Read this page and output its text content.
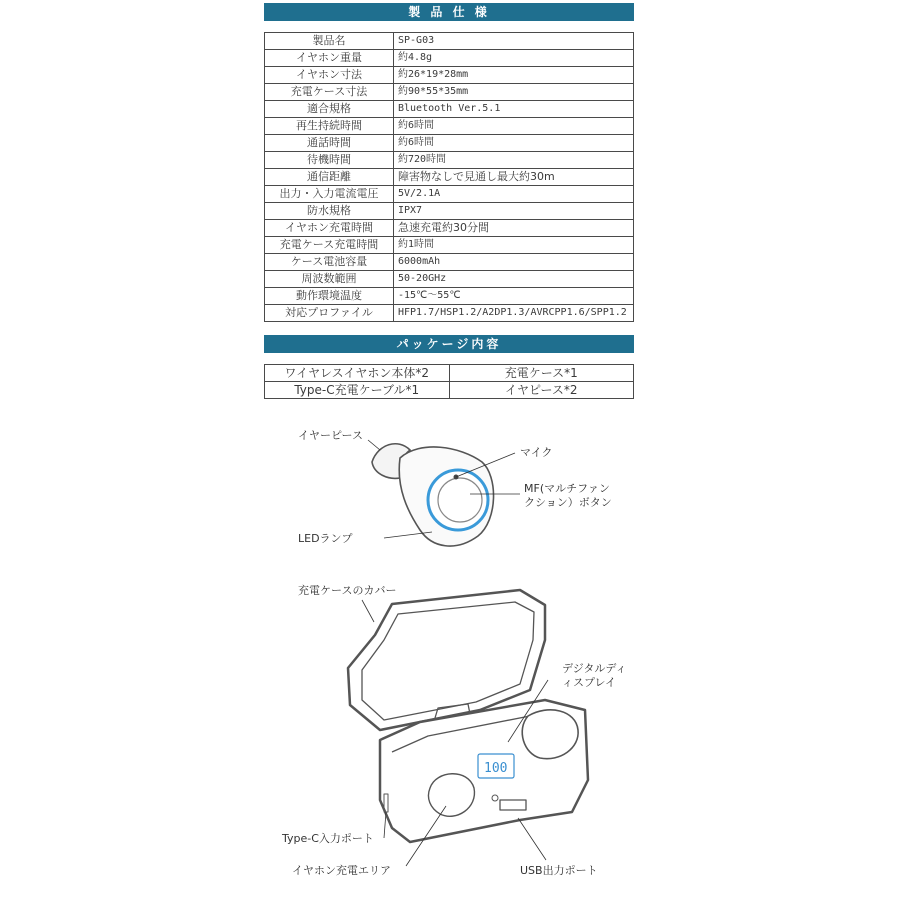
製 品 仕 様
製品名	SP-G03
イヤホン重量	約4.8g
イヤホン寸法	約26*19*28mm
充電ケース寸法	約90*55*35mm
適合規格	Bluetooth Ver.5.1
再生持続時間	約6時間
通話時間	約6時間
待機時間	約720時間
通信距離	障害物なしで見通し最大約30m
出力・入力電流電圧	5V/2.1A
防水規格	IPX7
イヤホン充電時間	急速充電約30分間
充電ケース充電時間	約1時間
ケース電池容量	6000mAh
周波数範囲	50-20GHz
動作環境温度	-15℃～55℃
対応プロファイル	HFP1.7/HSP1.2/A2DP1.3/AVRCPP1.6/SPP1.2
パッケージ内容
ワイヤレスイヤホン本体*2	充電ケース*1
Type-C充電ケーブル*1	イヤピース*2
100
イヤーピース
マイク
MF(マルチファン
クション）ボタン
LEDランプ
充電ケースのカバー
デジタルディ
ィスプレイ
Type-C入力ポート
イヤホン充電エリア	USB出力ポート
